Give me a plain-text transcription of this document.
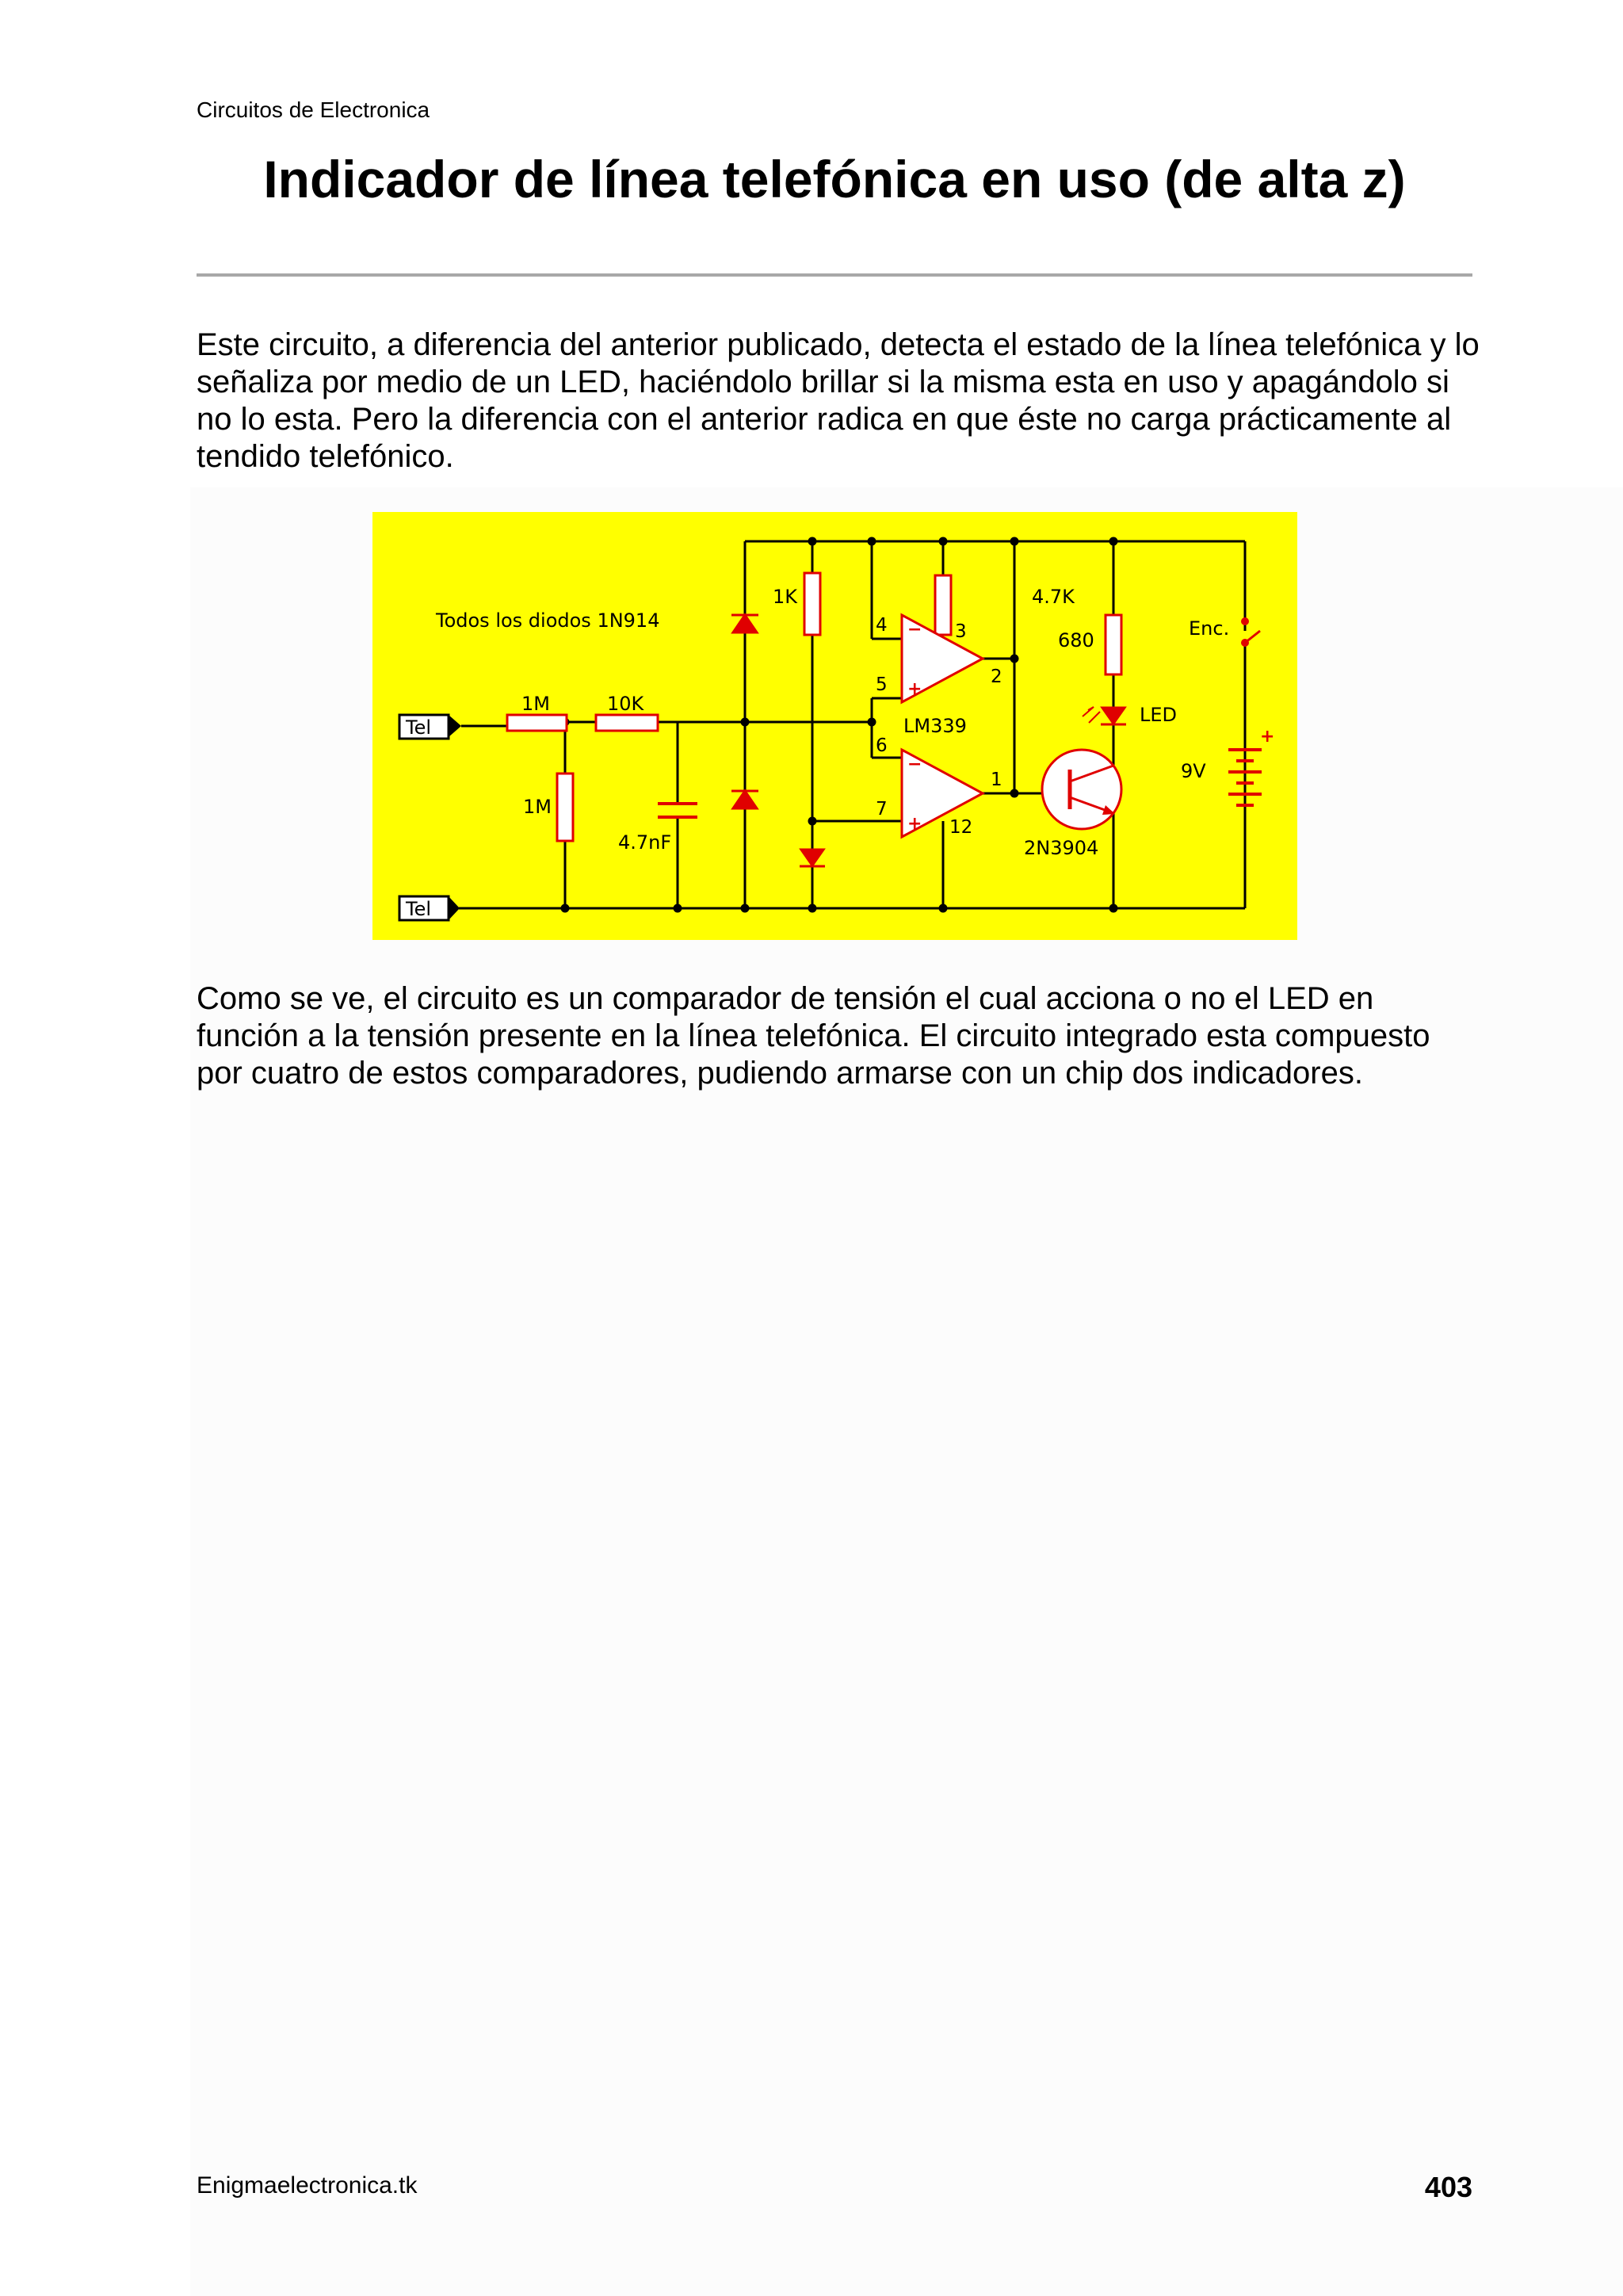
Circuitos de Electronica
Indicador de línea telefónica en uso (de alta z)

Este circuito, a diferencia del anterior publicado, detecta el estado de la línea telefónica y lo señaliza por medio de un LED, haciéndolo brillar si la misma esta en uso y apagándolo si no lo esta. Pero la diferencia con el anterior radica en que éste no carga prácticamente al tendido telefónico.

Tel
Tel
−
+
−
+
+
Todos los diodos 1N914
1M	10K
1M
4.7nF
1K	4.7K
680
LM339	LED
2N3904
Enc.
9V
4	3
5	2
6
1
7
12

Como se ve, el circuito es un comparador de tensión el cual acciona o no el LED en función a la tensión presente en la línea telefónica. El circuito integrado esta compuesto por cuatro de estos comparadores, pudiendo armarse con un chip dos indicadores.

Enigmaelectronica.tk	403
